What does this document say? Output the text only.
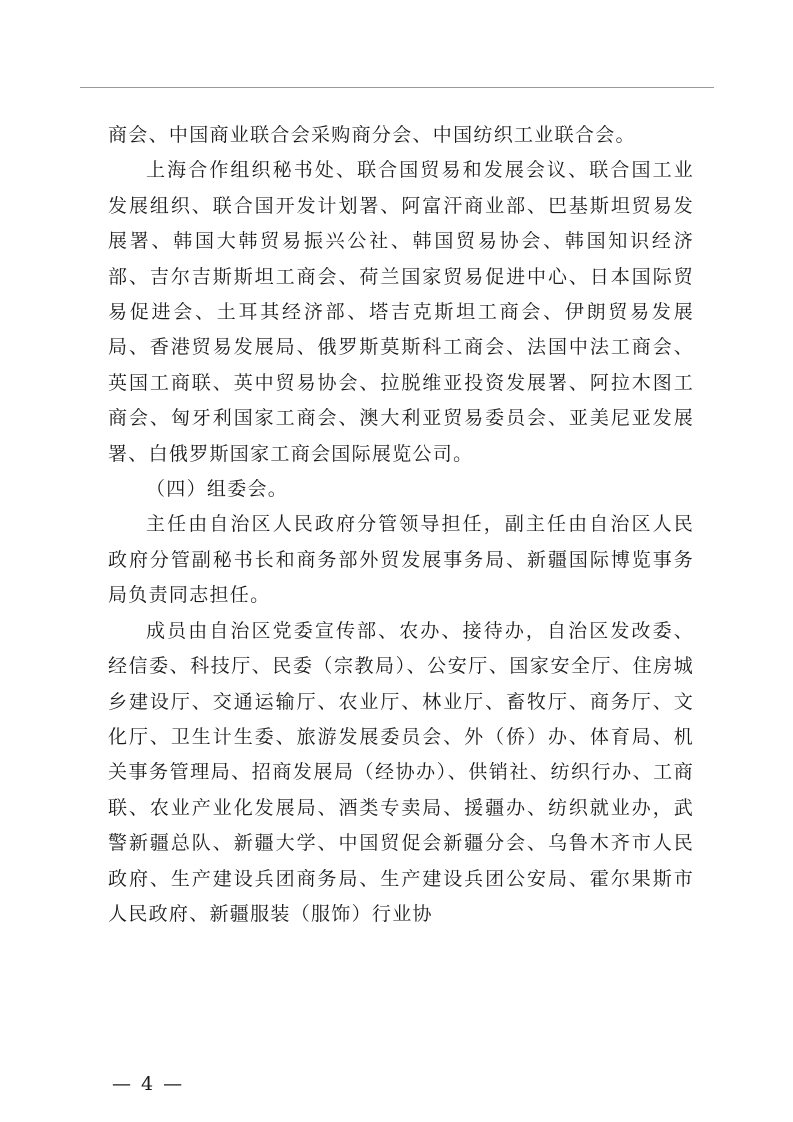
商会、中国商业联合会采购商分会、中国纺织工业联合会。

上海合作组织秘书处、联合国贸易和发展会议、联合国工业发展组织、联合国开发计划署、阿富汗商业部、巴基斯坦贸易发展署、韩国大韩贸易振兴公社、韩国贸易协会、韩国知识经济部、吉尔吉斯斯坦工商会、荷兰国家贸易促进中心、日本国际贸易促进会、土耳其经济部、塔吉克斯坦工商会、伊朗贸易发展局、香港贸易发展局、俄罗斯莫斯科工商会、法国中法工商会、英国工商联、英中贸易协会、拉脱维亚投资发展署、阿拉木图工商会、匈牙利国家工商会、澳大利亚贸易委员会、亚美尼亚发展署、白俄罗斯国家工商会国际展览公司。

（四）组委会。

主任由自治区人民政府分管领导担任，副主任由自治区人民政府分管副秘书长和商务部外贸发展事务局、新疆国际博览事务局负责同志担任。

成员由自治区党委宣传部、农办、接待办，自治区发改委、经信委、科技厅、民委（宗教局）、公安厅、国家安全厅、住房城乡建设厅、交通运输厅、农业厅、林业厅、畜牧厅、商务厅、文化厅、卫生计生委、旅游发展委员会、外（侨）办、体育局、机关事务管理局、招商发展局（经协办）、供销社、纺织行办、工商联、农业产业化发展局、酒类专卖局、援疆办、纺织就业办，武警新疆总队、新疆大学、中国贸促会新疆分会、乌鲁木齐市人民政府、生产建设兵团商务局、生产建设兵团公安局、霍尔果斯市人民政府、新疆服装（服饰）行业协

— 4 —
